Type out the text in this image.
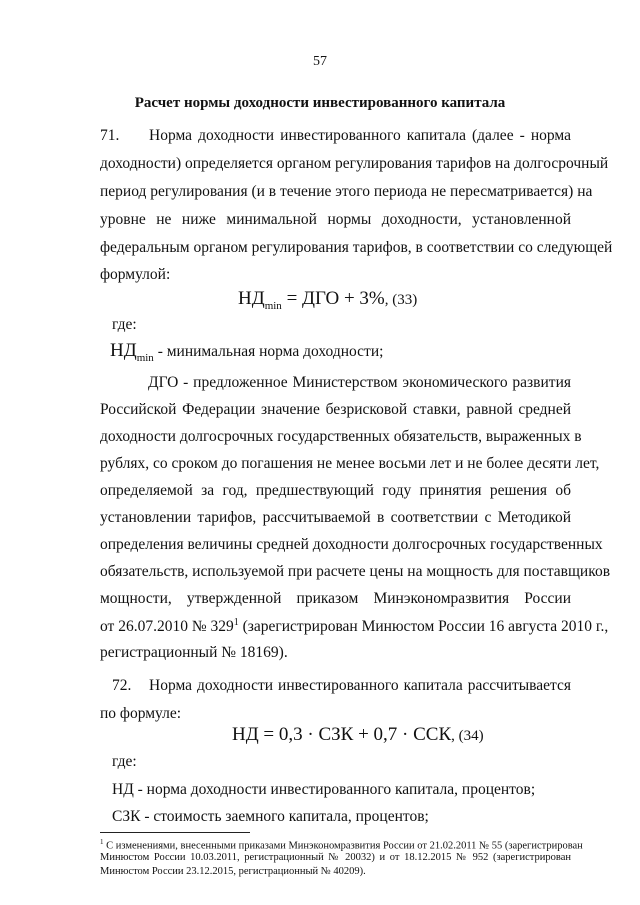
57
Расчет нормы доходности инвестированного капитала
71. Норма доходности инвестированного капитала (далее - норма
доходности) определяется органом регулирования тарифов на долгосрочный
период регулирования (и в течение этого периода не пересматривается) на
уровне не ниже минимальной нормы доходности, установленной
федеральным органом регулирования тарифов, в соответствии со следующей
формулой:
$НД_{min}$ = ДГО + 3%, (33)
где:
$НД_{min}$ - минимальная норма доходности;
ДГО - предложенное Министерством экономического развития
Российской Федерации значение безрисковой ставки, равной средней
доходности долгосрочных государственных обязательств, выраженных в
рублях, со сроком до погашения не менее восьми лет и не более десяти лет,
определяемой за год, предшествующий году принятия решения об
установлении тарифов, рассчитываемой в соответствии с Методикой
определения величины средней доходности долгосрочных государственных
обязательств, используемой при расчете цены на мощность для поставщиков
мощности, утвержденной приказом Минэкономразвития России
от 26.07.2010 № 329$^1$ (зарегистрирован Минюстом России 16 августа 2010 г.,
регистрационный № 18169).
72. Норма доходности инвестированного капитала рассчитывается
по формуле:
НД = 0,3 · СЗК + 0,7 · ССК, (34)
где:
НД - норма доходности инвестированного капитала, процентов;
СЗК - стоимость заемного капитала, процентов;
$^1$ С изменениями, внесенными приказами Минэкономразвития России от 21.02.2011 № 55 (зарегистрирован
Минюстом России 10.03.2011, регистрационный № 20032) и от 18.12.2015 № 952 (зарегистрирован
Минюстом России 23.12.2015, регистрационный № 40209).
